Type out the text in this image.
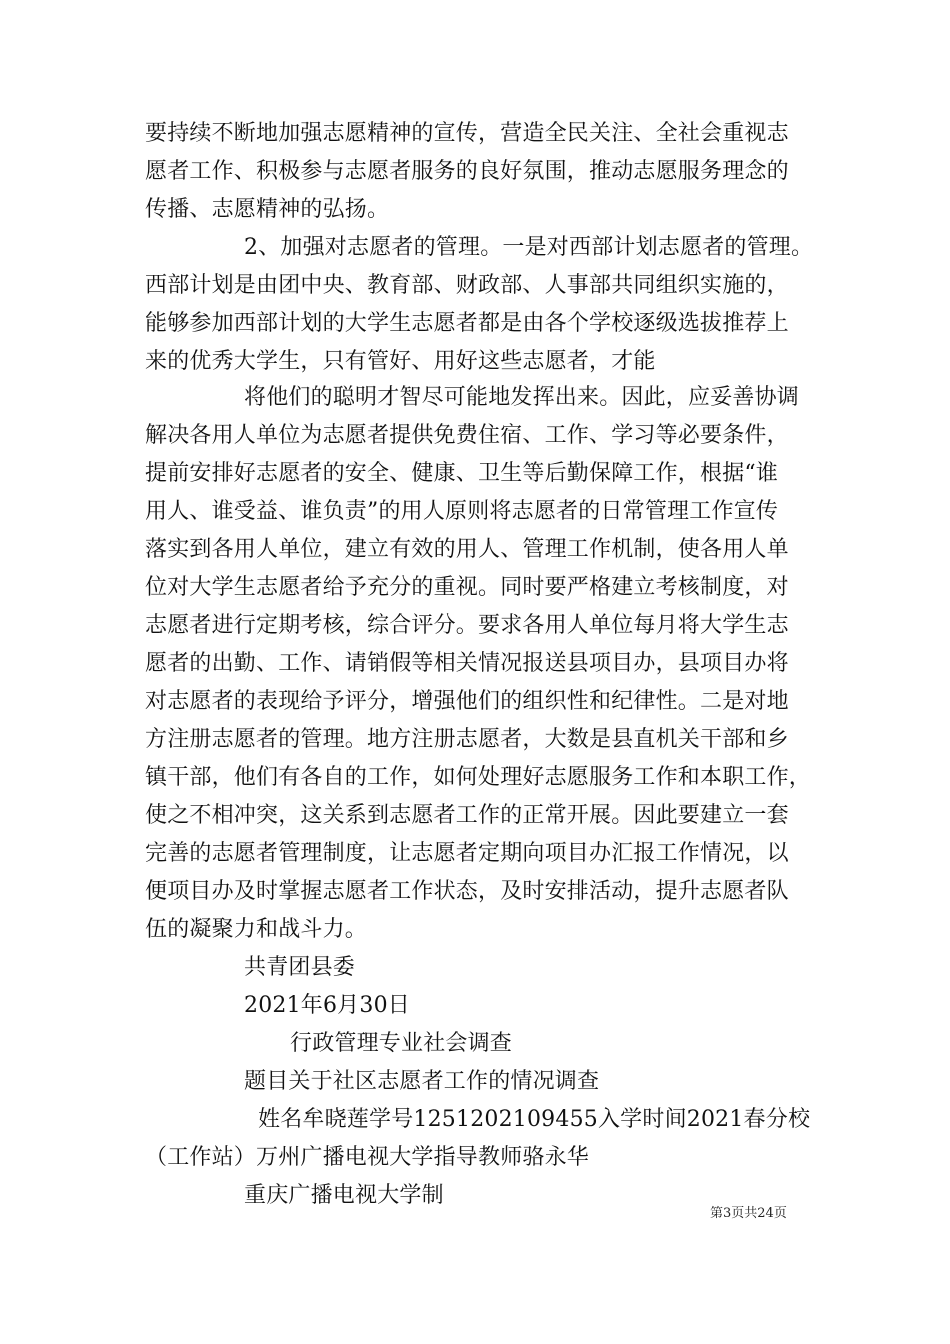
要持续不断地加强志愿精神的宣传，营造全民关注、全社会重视志
愿者工作、积极参与志愿者服务的良好氛围，推动志愿服务理念的
传播、志愿精神的弘扬。
2、加强对志愿者的管理。一是对西部计划志愿者的管理。
西部计划是由团中央、教育部、财政部、人事部共同组织实施的，
能够参加西部计划的大学生志愿者都是由各个学校逐级选拔推荐上
来的优秀大学生，只有管好、用好这些志愿者，才能
将他们的聪明才智尽可能地发挥出来。因此，应妥善协调
解决各用人单位为志愿者提供免费住宿、工作、学习等必要条件，
提前安排好志愿者的安全、健康、卫生等后勤保障工作，根据“谁
用人、谁受益、谁负责”的用人原则将志愿者的日常管理工作宣传
落实到各用人单位，建立有效的用人、管理工作机制，使各用人单
位对大学生志愿者给予充分的重视。同时要严格建立考核制度，对
志愿者进行定期考核，综合评分。要求各用人单位每月将大学生志
愿者的出勤、工作、请销假等相关情况报送县项目办，县项目办将
对志愿者的表现给予评分，增强他们的组织性和纪律性。二是对地
方注册志愿者的管理。地方注册志愿者，大数是县直机关干部和乡
镇干部，他们有各自的工作，如何处理好志愿服务工作和本职工作，
使之不相冲突，这关系到志愿者工作的正常开展。因此要建立一套
完善的志愿者管理制度，让志愿者定期向项目办汇报工作情况，以
便项目办及时掌握志愿者工作状态，及时安排活动，提升志愿者队
伍的凝聚力和战斗力。
共青团县委
2021年6月30日
行政管理专业社会调查
题目关于社区志愿者工作的情况调查
姓名牟晓莲学号1251202109455入学时间2021春分校
（工作站）万州广播电视大学指导教师骆永华
重庆广播电视大学制
第3页共24页
